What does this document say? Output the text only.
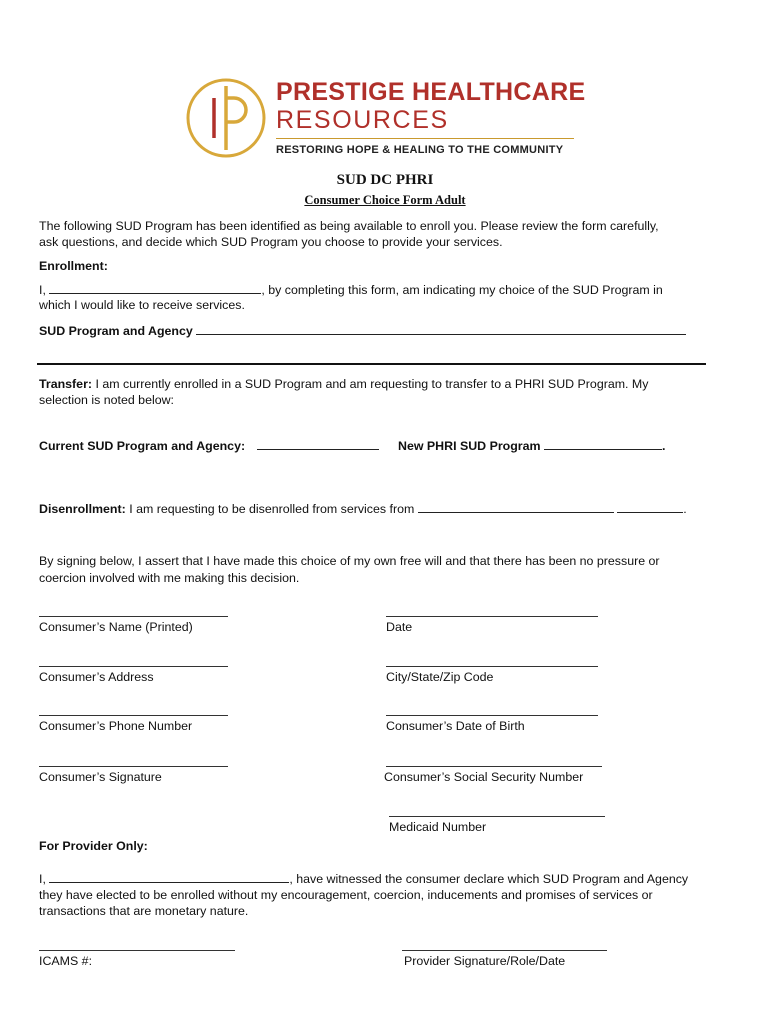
PRESTIGE HEALTHCARE
RESOURCES
RESTORING HOPE & HEALING TO THE COMMUNITY
SUD DC PHRI
Consumer Choice Form Adult
The following SUD Program has been identified as being available to enroll you. Please review the form carefully,
ask questions, and decide which SUD Program you choose to provide your services.
Enrollment:
I,	, by completing this form, am indicating my choice of the SUD Program in
which I would like to receive services.
SUD Program and Agency
Transfer: I am currently enrolled in a SUD Program and am requesting to transfer to a PHRI SUD Program. My
selection is noted below:
Current SUD Program and Agency:	New PHRI SUD Program	.
Disenrollment: I am requesting to be disenrolled from services from	.
By signing below, I assert that I have made this choice of my own free will and that there has been no pressure or
coercion involved with me making this decision.
Consumer’s Name (Printed)	Date
Consumer’s Address	City/State/Zip Code
Consumer’s Phone Number	Consumer’s Date of Birth
Consumer’s Signature	Consumer’s Social Security Number
Medicaid Number
For Provider Only:
I,	, have witnessed the consumer declare which SUD Program and Agency
they have elected to be enrolled without my encouragement, coercion, inducements and promises of services or
transactions that are monetary nature.
ICAMS #:	Provider Signature/Role/Date
